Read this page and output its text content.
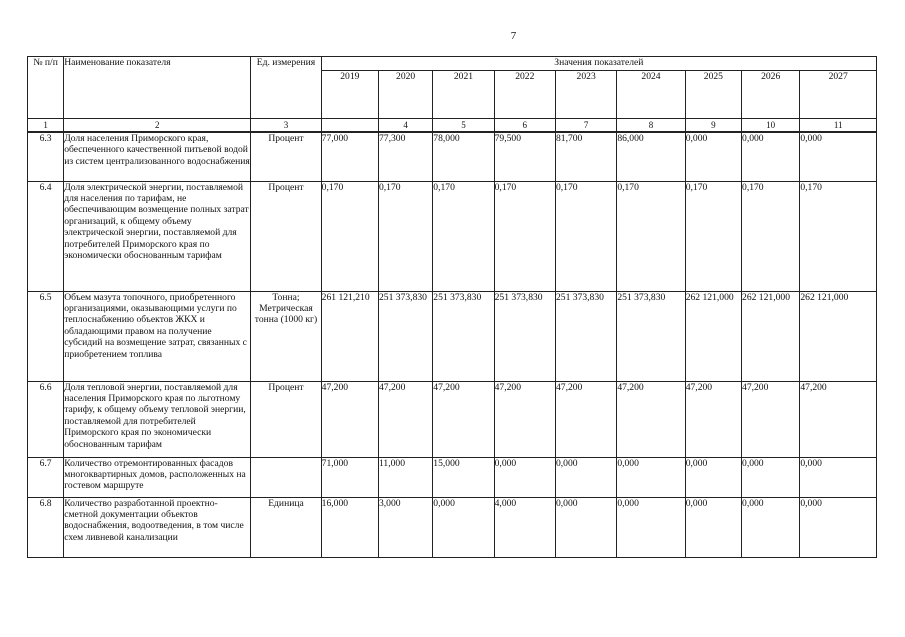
7
№ п/п	Наименование показателя	Ед. измерения	Значения показателей								
			2019	2020	2021	2022	2023	2024	2025	2026	2027
1	2	3		4	5	6	7	8	9	10	11
6.3	Доля населения Приморского края, обеспеченного качественной питьевой водой из систем централизованного водоснабжения	Процент	77,000	77,300	78,000	79,500	81,700	86,000	0,000	0,000	0,000
6.4	Доля электрической энергии, поставляемой для населения по тарифам, не обеспечивающим возмещение полных затрат организаций, к общему объему электрической энергии, поставляемой для потребителей Приморского края по экономически обоснованным тарифам	Процент	0,170	0,170	0,170	0,170	0,170	0,170	0,170	0,170	0,170
6.5	Объем мазута топочного, приобретенного организациями, оказывающими услуги по теплоснабжению объектов ЖКХ и обладающими правом на получение субсидий на возмещение затрат, связанных с приобретением топлива	Тонна; Метрическая тонна (1000 кг)	261 121,210	251 373,830	251 373,830	251 373,830	251 373,830	251 373,830	262 121,000	262 121,000	262 121,000
6.6	Доля тепловой энергии, поставляемой для населения Приморского края по льготному тарифу, к общему объему тепловой энергии, поставляемой для потребителей Приморского края по экономически обоснованным тарифам	Процент	47,200	47,200	47,200	47,200	47,200	47,200	47,200	47,200	47,200
6.7	Количество отремонтированных фасадов многоквартирных домов, расположенных на гостевом маршруте		71,000	11,000	15,000	0,000	0,000	0,000	0,000	0,000	0,000
6.8	Количество разработанной проектно-сметной документации объектов водоснабжения, водоотведения, в том числе схем ливневой канализации	Единица	16,000	3,000	0,000	4,000	0,000	0,000	0,000	0,000	0,000
